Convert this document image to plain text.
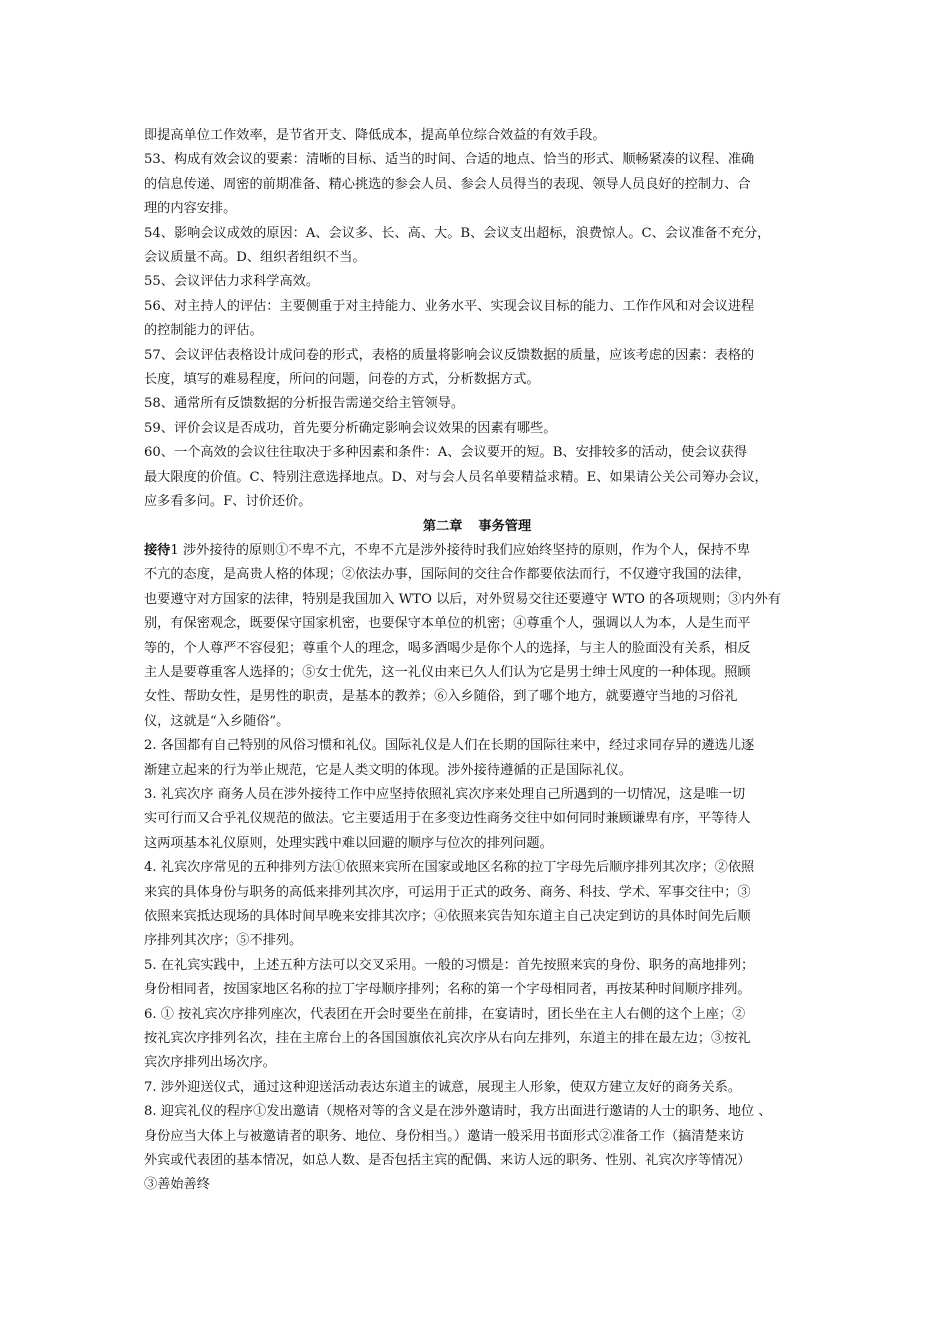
即提高单位工作效率，是节省开支、降低成本，提高单位综合效益的有效手段。
53、构成有效会议的要素：清晰的目标、适当的时间、合适的地点、恰当的形式、顺畅紧凑的议程、准确
的信息传递、周密的前期准备、精心挑选的参会人员、参会人员得当的表现、领导人员良好的控制力、合
理的内容安排。
54、影响会议成效的原因：A、会议多、长、高、大。B、会议支出超标，浪费惊人。C、会议准备不充分，
会议质量不高。D、组织者组织不当。
55、会议评估力求科学高效。
56、对主持人的评估：主要侧重于对主持能力、业务水平、实现会议目标的能力、工作作风和对会议进程
的控制能力的评估。
57、会议评估表格设计成问卷的形式，表格的质量将影响会议反馈数据的质量，应该考虑的因素：表格的
长度，填写的难易程度，所问的问题，问卷的方式，分析数据方式。
58、通常所有反馈数据的分析报告需递交给主管领导。
59、评价会议是否成功，首先要分析确定影响会议效果的因素有哪些。
60、一个高效的会议往往取决于多种因素和条件：A、会议要开的短。B、安排较多的活动，使会议获得
最大限度的价值。C、特别注意选择地点。D、对与会人员名单要精益求精。E、如果请公关公司筹办会议，
应多看多问。F、讨价还价。
第二章 事务管理
接待1 涉外接待的原则①不卑不亢，不卑不亢是涉外接待时我们应始终坚持的原则，作为个人，保持不卑
不亢的态度，是高贵人格的体现；②依法办事，国际间的交往合作都要依法而行，不仅遵守我国的法律，
也要遵守对方国家的法律，特别是我国加入 WTO 以后，对外贸易交往还要遵守 WTO 的各项规则；③内外有
别，有保密观念，既要保守国家机密，也要保守本单位的机密；④尊重个人，强调以人为本，人是生而平
等的，个人尊严不容侵犯；尊重个人的理念，喝多酒喝少是你个人的选择，与主人的脸面没有关系，相反
主人是要尊重客人选择的；⑤女士优先，这一礼仪由来已久人们认为它是男士绅士风度的一种体现。照顾
女性、帮助女性，是男性的职责，是基本的教养；⑥入乡随俗，到了哪个地方，就要遵守当地的习俗礼
仪，这就是“入乡随俗”。
2. 各国都有自己特别的风俗习惯和礼仪。国际礼仪是人们在长期的国际往来中，经过求同存异的遴选儿逐
渐建立起来的行为举止规范，它是人类文明的体现。涉外接待遵循的正是国际礼仪。
3. 礼宾次序 商务人员在涉外接待工作中应坚持依照礼宾次序来处理自己所遇到的一切情况，这是唯一切
实可行而又合乎礼仪规范的做法。它主要适用于在多变边性商务交往中如何同时兼顾谦卑有序，平等待人
这两项基本礼仪原则，处理实践中难以回避的顺序与位次的排列问题。
4. 礼宾次序常见的五种排列方法①依照来宾所在国家或地区名称的拉丁字母先后顺序排列其次序；②依照
来宾的具体身份与职务的高低来排列其次序，可运用于正式的政务、商务、科技、学术、军事交往中；③
依照来宾抵达现场的具体时间早晚来安排其次序；④依照来宾告知东道主自己决定到访的具体时间先后顺
序排列其次序；⑤不排列。
5. 在礼宾实践中，上述五种方法可以交叉采用。一般的习惯是：首先按照来宾的身份、职务的高地排列；
身份相同者，按国家地区名称的拉丁字母顺序排列；名称的第一个字母相同者，再按某种时间顺序排列。
6. ① 按礼宾次序排列座次，代表团在开会时要坐在前排，在宴请时，团长坐在主人右侧的这个上座；②
按礼宾次序排列名次，挂在主席台上的各国国旗依礼宾次序从右向左排列，东道主的排在最左边；③按礼
宾次序排列出场次序。
7. 涉外迎送仪式，通过这种迎送活动表达东道主的诚意，展现主人形象，使双方建立友好的商务关系。
8. 迎宾礼仪的程序①发出邀请（规格对等的含义是在涉外邀请时，我方出面进行邀请的人士的职务、地位 、
身份应当大体上与被邀请者的职务、地位、身份相当。）邀请一般采用书面形式②准备工作（搞清楚来访
外宾或代表团的基本情况，如总人数、是否包括主宾的配偶、来访人远的职务、性别、礼宾次序等情况）
③善始善终
